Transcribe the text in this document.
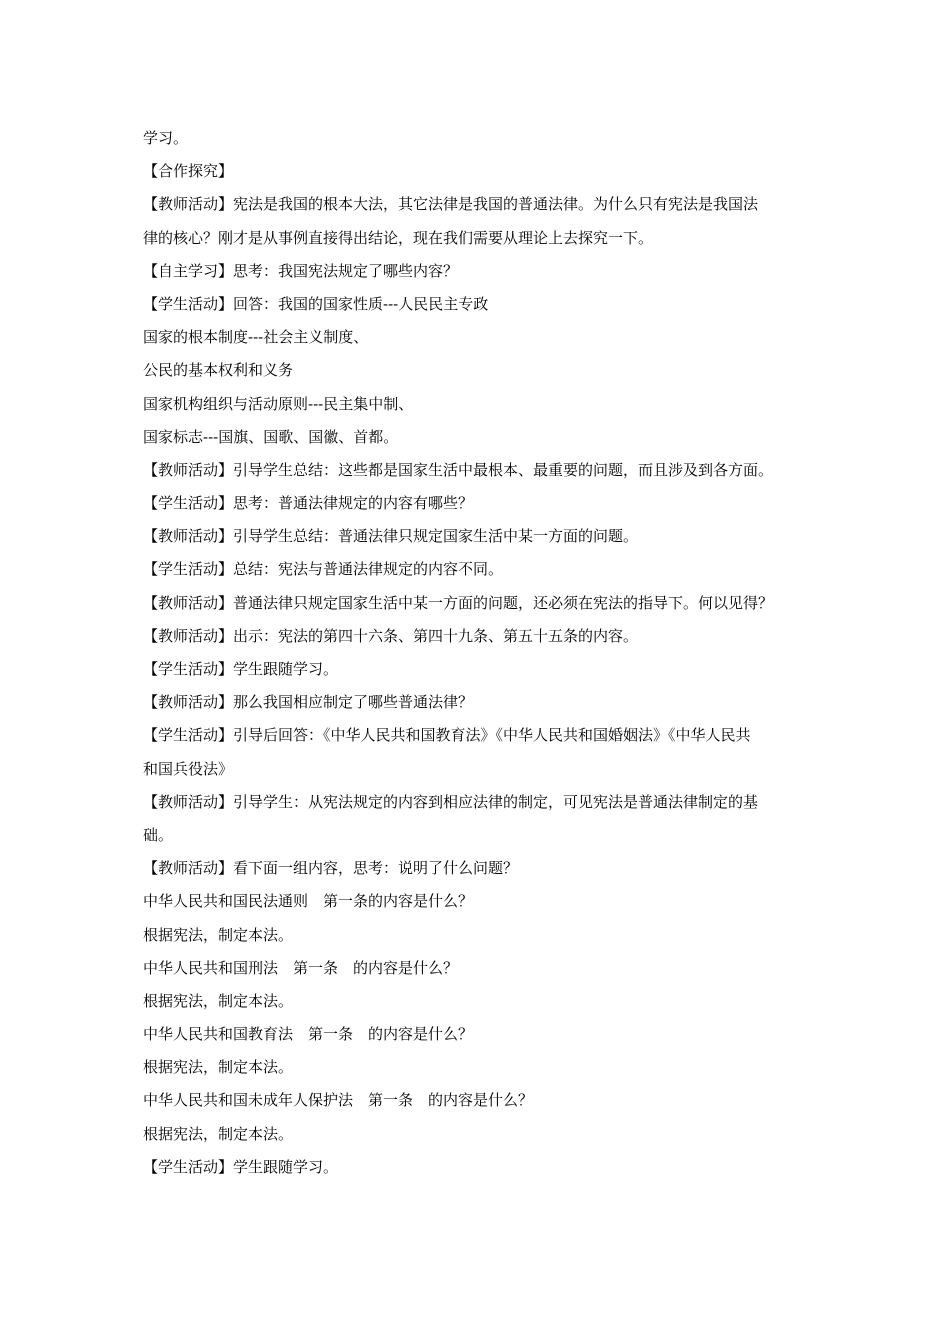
学习。
【合作探究】
【教师活动】宪法是我国的根本大法，其它法律是我国的普通法律。为什么只有宪法是我国法
律的核心？刚才是从事例直接得出结论，现在我们需要从理论上去探究一下。
【自主学习】思考：我国宪法规定了哪些内容？
【学生活动】回答：我国的国家性质---人民民主专政
国家的根本制度---社会主义制度、
公民的基本权利和义务
国家机构组织与活动原则---民主集中制、
国家标志---国旗、国歌、国徽、首都。
【教师活动】引导学生总结：这些都是国家生活中最根本、最重要的问题，而且涉及到各方面。
【学生活动】思考：普通法律规定的内容有哪些？
【教师活动】引导学生总结：普通法律只规定国家生活中某一方面的问题。
【学生活动】总结：宪法与普通法律规定的内容不同。
【教师活动】普通法律只规定国家生活中某一方面的问题，还必须在宪法的指导下。何以见得？
【教师活动】出示：宪法的第四十六条、第四十九条、第五十五条的内容。
【学生活动】学生跟随学习。
【教师活动】那么我国相应制定了哪些普通法律？
【学生活动】引导后回答：《中华人民共和国教育法》《中华人民共和国婚姻法》《中华人民共
和国兵役法》
【教师活动】引导学生：从宪法规定的内容到相应法律的制定，可见宪法是普通法律制定的基
础。
【教师活动】看下面一组内容，思考：说明了什么问题？
中华人民共和国民法通则　第一条的内容是什么？
根据宪法，制定本法。
中华人民共和国刑法　第一条　的内容是什么？
根据宪法，制定本法。
中华人民共和国教育法　第一条　的内容是什么？
根据宪法，制定本法。
中华人民共和国未成年人保护法　第一条　的内容是什么？
根据宪法，制定本法。
【学生活动】学生跟随学习。
